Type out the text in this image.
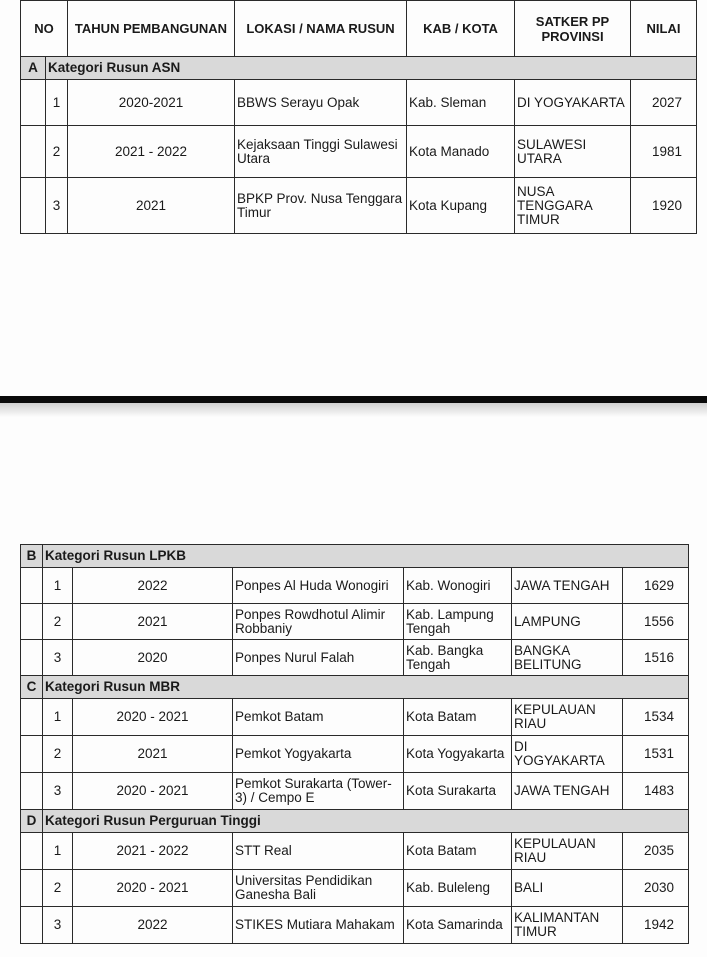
NO		TAHUN PEMBANGUNAN	LOKASI / NAMA RUSUN	KAB / KOTA	SATKER PP PROVINSI	NILAI
A	Kategori Rusun ASN					
	1	2020-2021	BBWS Serayu Opak	Kab. Sleman	DI YOGYAKARTA	2027
	2	2021 - 2022	Kejaksaan Tinggi Sulawesi Utara	Kota Manado	SULAWESI UTARA	1981
	3	2021	BPKP Prov. Nusa Tenggara Timur	Kota Kupang	NUSA TENGGARA TIMUR	1920
B	Kategori Rusun LPKB					
	1	2022	Ponpes Al Huda Wonogiri	Kab. Wonogiri	JAWA TENGAH	1629
	2	2021	Ponpes Rowdhotul Alimir Robbaniy	Kab. Lampung Tengah	LAMPUNG	1556
	3	2020	Ponpes Nurul Falah	Kab. Bangka Tengah	BANGKA BELITUNG	1516
C	Kategori Rusun MBR					
	1	2020 - 2021	Pemkot Batam	Kota Batam	KEPULAUAN RIAU	1534
	2	2021	Pemkot Yogyakarta	Kota Yogyakarta	DI YOGYAKARTA	1531
	3	2020 - 2021	Pemkot Surakarta (Tower-3) / Cempo E	Kota Surakarta	JAWA TENGAH	1483
D	Kategori Rusun Perguruan Tinggi					
	1	2021 - 2022	STT Real	Kota Batam	KEPULAUAN RIAU	2035
	2	2020 - 2021	Universitas Pendidikan Ganesha Bali	Kab. Buleleng	BALI	2030
	3	2022	STIKES Mutiara Mahakam	Kota Samarinda	KALIMANTAN TIMUR	1942
